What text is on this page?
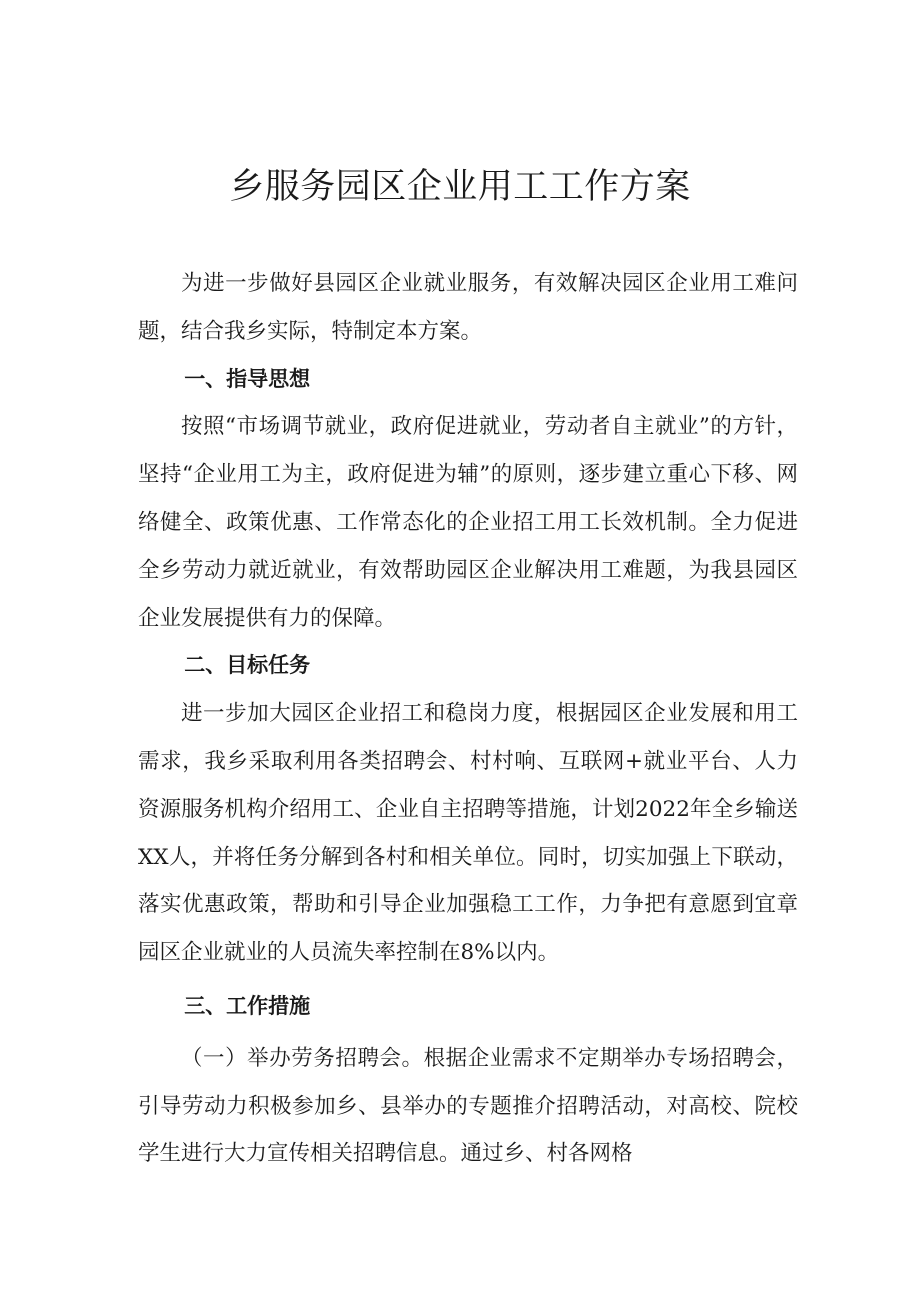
乡服务园区企业用工工作方案

为进一步做好县园区企业就业服务，有效解决园区企业用工难问题，结合我乡实际，特制定本方案。

一、指导思想

按照“市场调节就业，政府促进就业，劳动者自主就业”的方针，坚持“企业用工为主，政府促进为辅”的原则，逐步建立重心下移、网络健全、政策优惠、工作常态化的企业招工用工长效机制。全力促进全乡劳动力就近就业，有效帮助园区企业解决用工难题，为我县园区企业发展提供有力的保障。

二、目标任务

进一步加大园区企业招工和稳岗力度，根据园区企业发展和用工需求，我乡采取利用各类招聘会、村村响、互联网+就业平台、人力资源服务机构介绍用工、企业自主招聘等措施，计划2022年全乡输送XX人，并将任务分解到各村和相关单位。同时，切实加强上下联动，落实优惠政策，帮助和引导企业加强稳工工作，力争把有意愿到宜章园区企业就业的人员流失率控制在8%以内。

三、工作措施

（一）举办劳务招聘会。根据企业需求不定期举办专场招聘会，引导劳动力积极参加乡、县举办的专题推介招聘活动，对高校、院校学生进行大力宣传相关招聘信息。通过乡、村各网格
